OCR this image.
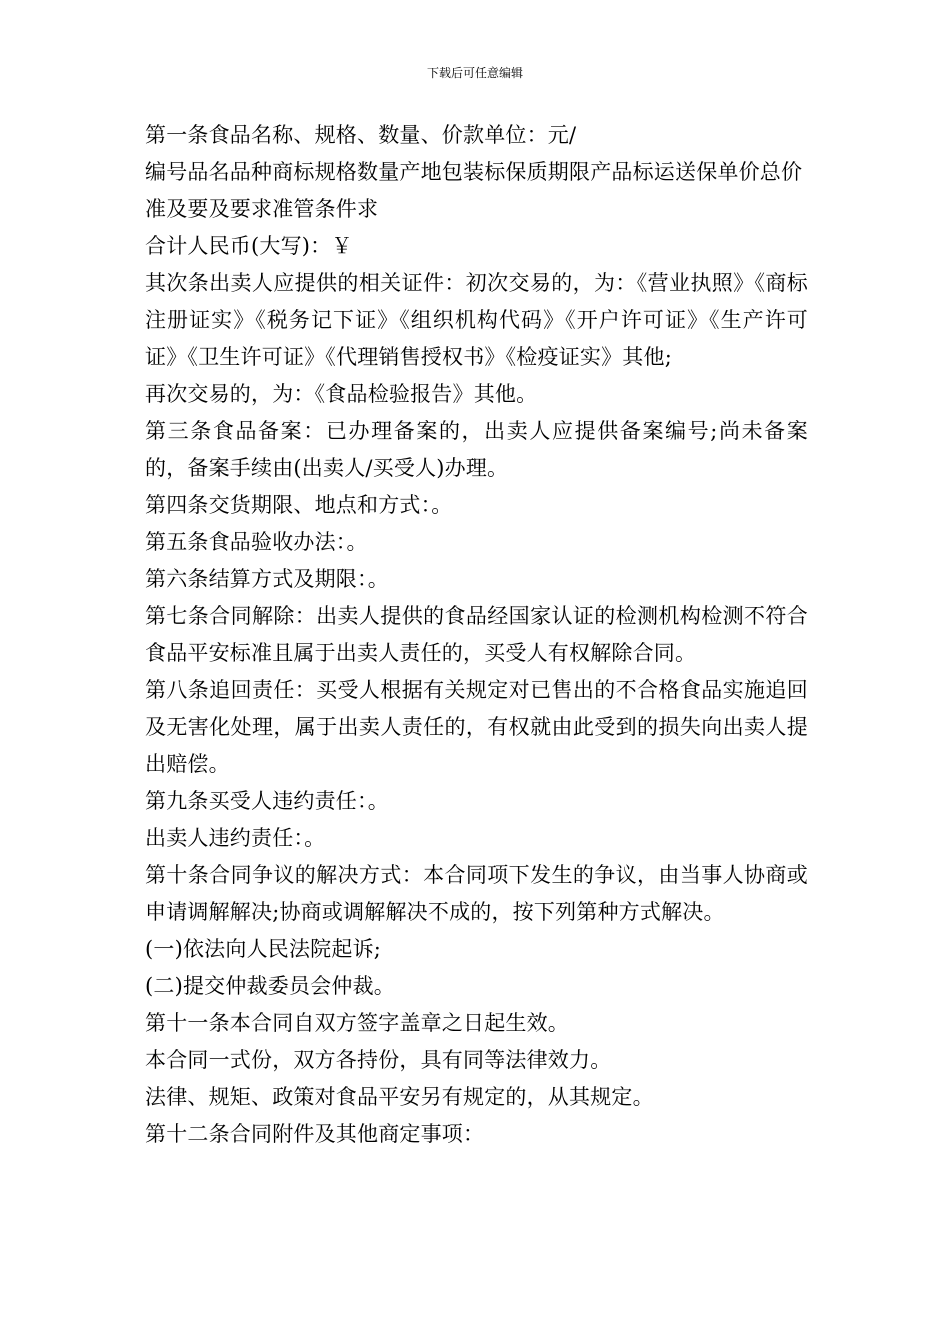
下载后可任意编辑

第一条食品名称、规格、数量、价款单位：元/

编号品名品种商标规格数量产地包装标保质期限产品标运送保单价总价

准及要及要求准管条件求

合计人民币(大写)：￥

其次条出卖人应提供的相关证件：初次交易的，为：《营业执照》《商标注册证实》《税务记下证》《组织机构代码》《开户许可证》《生产许可证》《卫生许可证》《代理销售授权书》《检疫证实》其他;

再次交易的，为：《食品检验报告》其他。

第三条食品备案：已办理备案的，出卖人应提供备案编号;尚未备案的，备案手续由(出卖人/买受人)办理。

第四条交货期限、地点和方式：。

第五条食品验收办法：。

第六条结算方式及期限：。

第七条合同解除：出卖人提供的食品经国家认证的检测机构检测不符合食品平安标准且属于出卖人责任的，买受人有权解除合同。

第八条追回责任：买受人根据有关规定对已售出的不合格食品实施追回及无害化处理，属于出卖人责任的，有权就由此受到的损失向出卖人提出赔偿。

第九条买受人违约责任：。

出卖人违约责任：。

第十条合同争议的解决方式：本合同项下发生的争议，由当事人协商或申请调解解决;协商或调解解决不成的，按下列第种方式解决。

(一)依法向人民法院起诉;

(二)提交仲裁委员会仲裁。

第十一条本合同自双方签字盖章之日起生效。

本合同一式份，双方各持份，具有同等法律效力。

法律、规矩、政策对食品平安另有规定的，从其规定。

第十二条合同附件及其他商定事项：
